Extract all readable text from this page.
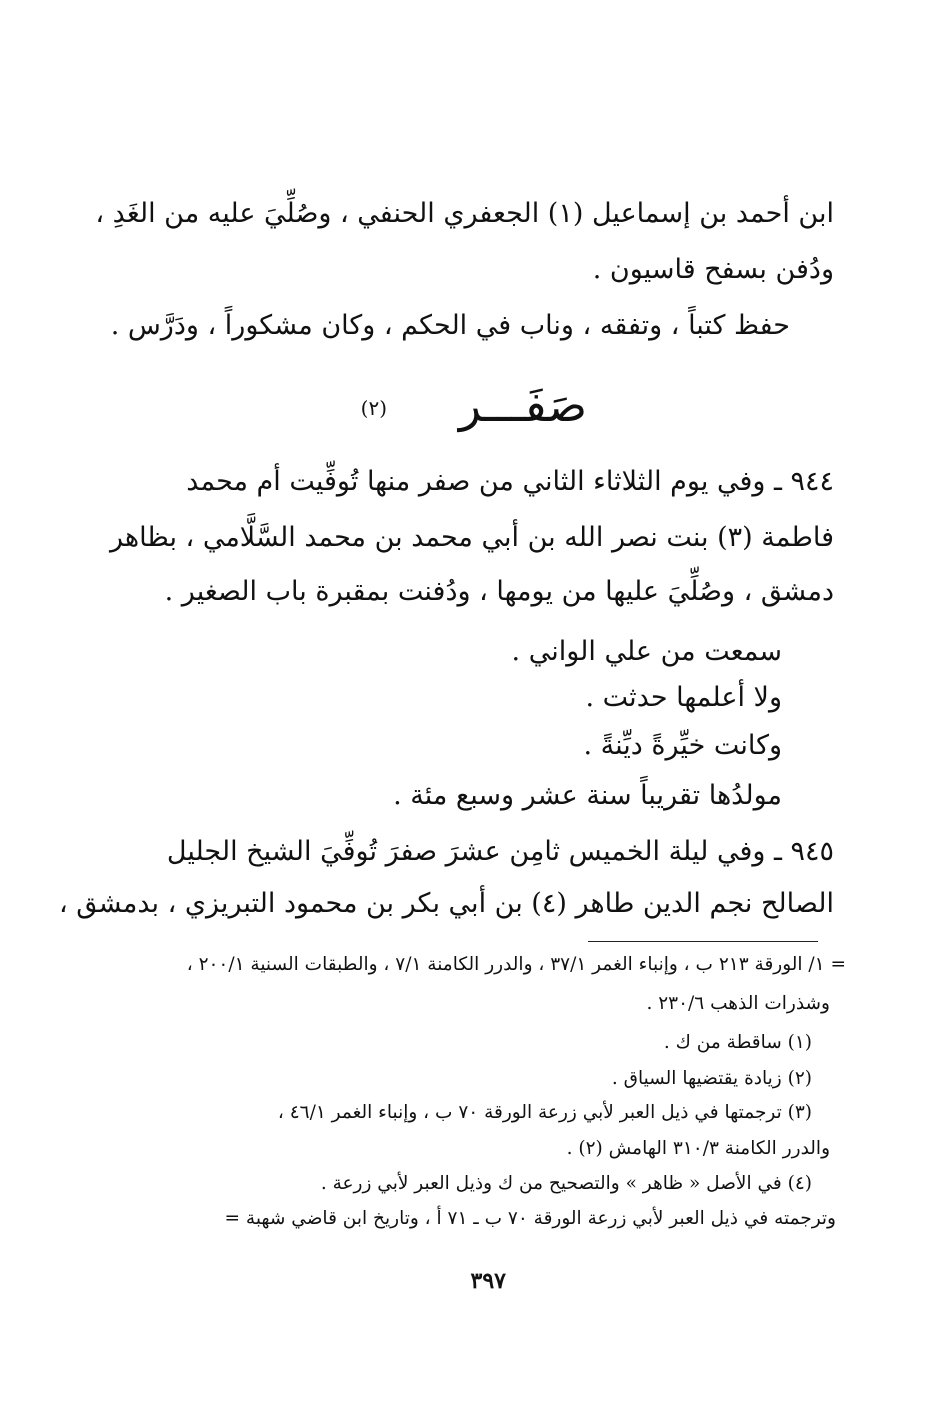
ابن أحمد بن إسماعيل (١) الجعفري الحنفي ، وصُلِّيَ عليه من الغَدِ ،
ودُفن بسفح قاسيون .
حفظ كتباً ، وتفقه ، وناب في الحكم ، وكان مشكوراً ، ودَرَّس .
صَفَـــر
(٢)
٩٤٤ ـ وفي يوم الثلاثاء الثاني من صفر منها تُوفِّيت أم محمد
فاطمة (٣) بنت نصر الله بن أبي محمد بن محمد السَّلَّامي ، بظاهر
دمشق ، وصُلِّيَ عليها من يومها ، ودُفنت بمقبرة باب الصغير .
سمعت من علي الواني .
ولا أعلمها حدثت .
وكانت خيِّرةً ديِّنةً .
مولدُها تقريباً سنة عشر وسبع مئة .
٩٤٥ ـ وفي ليلة الخميس ثامِن عشرَ صفرَ تُوفِّيَ الشيخ الجليل
الصالح نجم الدين طاهر (٤) بن أبي بكر بن محمود التبريزي ، بدمشق ،
= ١/ الورقة ٢١٣ ب ، وإنباء الغمر ٣٧/١ ، والدرر الكامنة ٧/١ ، والطبقات السنية ٢٠٠/١ ،
وشذرات الذهب ٢٣٠/٦ .
(١) ساقطة من ك .
(٢) زيادة يقتضيها السياق .
(٣) ترجمتها في ذيل العبر لأبي زرعة الورقة ٧٠ ب ، وإنباء الغمر ٤٦/١ ،
والدرر الكامنة ٣١٠/٣ الهامش (٢) .
(٤) في الأصل « ظاهر » والتصحيح من ك وذيل العبر لأبي زرعة .
وترجمته في ذيل العبر لأبي زرعة الورقة ٧٠ ب ـ ٧١ أ ، وتاريخ ابن قاضي شهبة =
٣٩٧
